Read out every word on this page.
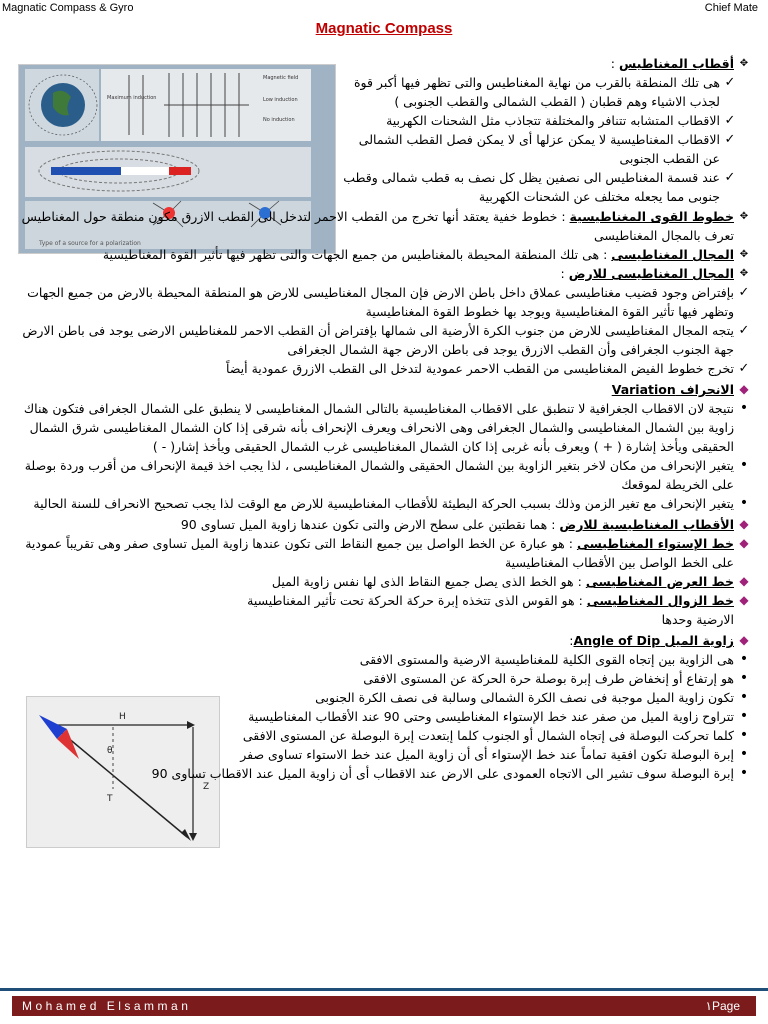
Magnatic Compass & Gyro	Chief Mate
Magnatic Compass
Maximum induction
Magnetic field
Low induction
No induction
Type of a source for a polarization
H
θ
T
Z
✥
أقطاب المغناطيس :
✓
هى تلك المنطقة بالقرب من نهاية المغناطيس والتى تظهر فيها أكبر قوة لجذب الاشياء وهم قطبان ( القطب الشمالى والقطب الجنوبى )
✓
الاقطاب المتشابه تتنافر والمختلفة تتجاذب مثل الشحنات الكهربية
✓
الاقطاب المغناطيسية لا يمكن عزلها أى لا يمكن فصل القطب الشمالى عن القطب الجنوبى
✓
عند قسمة المغناطيس الى نصفين يظل كل نصف به قطب شمالى وقطب جنوبى مما يجعله مختلف عن الشحنات الكهربية
✥
خطوط القوى المغناطيسية : خطوط خفية يعتقد أنها تخرج من القطب الاحمر لتدخل الى القطب الازرق مكون منطقة حول المغناطيس تعرف بالمجال المغناطيسى
✥
المجال المغناطيسى : هى تلك المنطقة المحيطة بالمغناطيس من جميع الجهات والتى تظهر فيها تأثير القوة المغناطيسية
✥
المجال المغناطيسى للارض :
✓
بإفتراض وجود قضيب مغناطيسى عملاق داخل باطن الارض فإن المجال المغناطيسى للارض هو المنطقة المحيطة بالارض من جميع الجهات وتظهر فيها تأثير القوة المغناطيسية ويوجد بها خطوط القوة المغناطيسية
✓
يتجه المجال المغناطيسى للارض من جنوب الكرة الأرضية الى شمالها بإفتراض أن القطب الاحمر للمغناطيس الارضى يوجد فى باطن الارض جهة الجنوب الجغرافى وأن القطب الازرق يوجد فى باطن الارض جهة الشمال الجغرافى
✓
تخرج خطوط الفيض المغناطيسى من القطب الاحمر عمودية لتدخل الى القطب الازرق عمودية أيضاً
◆
الانحراف Variation
•
نتيجة لان الاقطاب الجغرافية لا تنطبق على الاقطاب المغناطيسية بالتالى الشمال المغناطيسى لا ينطبق على الشمال الجغرافى فتكون هناك زاوية بين الشمال المغناطيسى والشمال الجغرافى وهى الانحراف ويعرف الإنحراف بأنه شرقى إذا كان الشمال المغناطيسى شرق الشمال الحقيقى ويأخذ إشارة ( + ) ويعرف بأنه غربى إذا كان الشمال المغناطيسى غرب الشمال الحقيقى ويأخذ إشار( - )
•
يتغير الإنحراف من مكان لاخر بتغير الزاوية بين الشمال الحقيقى والشمال المغناطيسى ، لذا يجب اخذ قيمة الإنحراف من أقرب وردة بوصلة على الخريطة لموقعك
•
يتغير الإنحراف مع تغير الزمن وذلك بسبب الحركة البطيئة للأقطاب المغناطيسية للارض مع الوقت لذا يجب تصحيح الانحراف للسنة الحالية
◆
الأقطاب المغناطيسية للارض : هما نقطتين على سطح الارض والتى تكون عندها زاوية الميل تساوى 90
◆
خط الإستواء المغناطيسى : هو عبارة عن الخط الواصل بين جميع النقاط التى تكون عندها زاوية الميل تساوى صفر وهى تقريباً عمودية على الخط الواصل بين الأقطاب المغناطيسية
◆
خط العرض المغناطيسى : هو الخط الذى يصل جميع النقاط الذى لها نفس زاوية الميل
◆
خط الزوال المغناطيسى : هو القوس الذى تتخذه إبرة حركة الحركة تحت تأثير المغناطيسية الارضية وحدها
◆
زاوية الميل Angle of Dip:
•
هى الزاوية بين إتجاه القوى الكلية للمغناطيسية الارضية والمستوى الافقى
•
هو إرتفاع أو إنخفاض طرف إبرة بوصلة حرة الحركة عن المستوى الافقى
•
تكون زاوية الميل موجبة فى نصف الكرة الشمالى وسالبة فى نصف الكرة الجنوبى
•
تتراوح زاوية الميل من صفر عند خط الإستواء المغناطيسى وحتى 90 عند الأقطاب المغناطيسية
•
كلما تحركت البوصلة فى إتجاه الشمال أو الجنوب كلما إبتعدت إبرة البوصلة عن المستوى الافقى
•
إبرة البوصلة تكون افقية تماماً عند خط الإستواء أى أن زاوية الميل عند خط الاستواء تساوى صفر
•
إبرة البوصلة سوف تشير الى الاتجاه العمودى على الارض عند الاقطاب أى أن زاوية الميل عند الاقطاب تساوى 90
Mohamed Elsamman	١Page
